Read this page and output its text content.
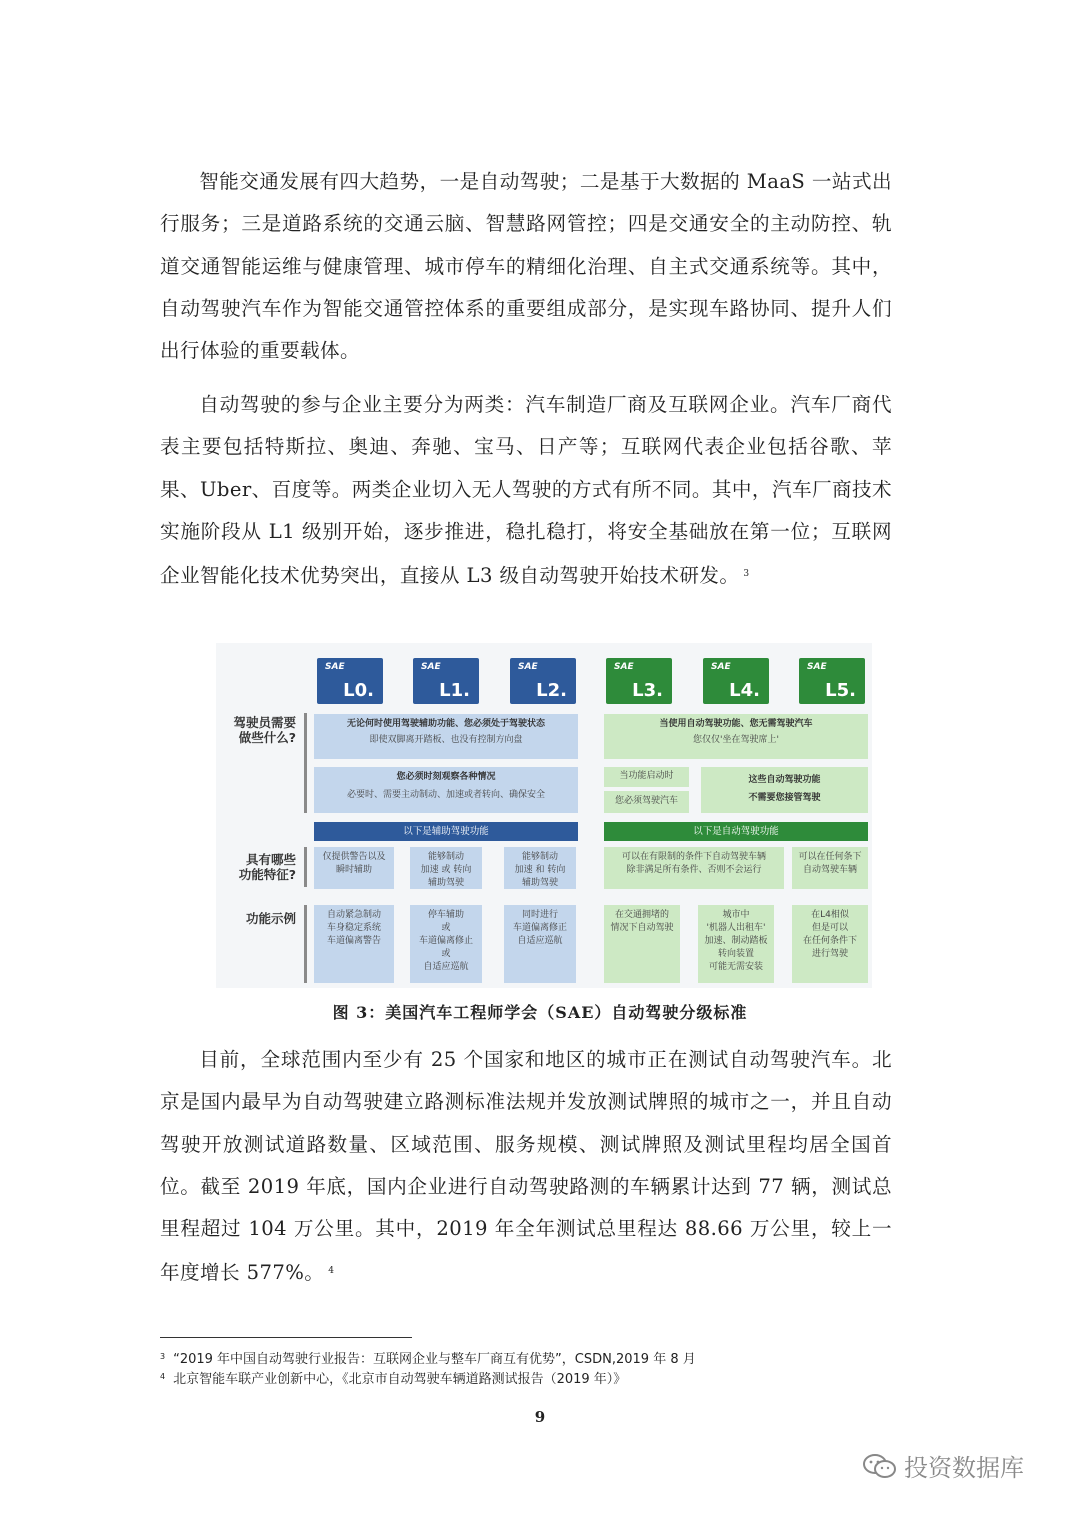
智能交通发展有四大趋势，一是自动驾驶；二是基于大数据的 MaaS 一站式出行服务；三是道路系统的交通云脑、智慧路网管控；四是交通安全的主动防控、轨道交通智能运维与健康管理、城市停车的精细化治理、自主式交通系统等。其中，自动驾驶汽车作为智能交通管控体系的重要组成部分，是实现车路协同、提升人们出行体验的重要载体。

自动驾驶的参与企业主要分为两类：汽车制造厂商及互联网企业。汽车厂商代表主要包括特斯拉、奥迪、奔驰、宝马、日产等；互联网代表企业包括谷歌、苹果、Uber、百度等。两类企业切入无人驾驶的方式有所不同。其中，汽车厂商技术实施阶段从 L1 级别开始，逐步推进，稳扎稳打，将安全基础放在第一位；互联网企业智能化技术优势突出，直接从 L3 级自动驾驶开始技术研发。 $^3$

SAE
L0.
SAE
L1.
SAE
L2.
SAE
L3.
SAE
L4.
SAE
L5.
驾驶员需要
做些什么?
具有哪些
功能特征?
功能示例
无论何时使用驾驶辅助功能、您必须处于驾驶状态
即使双脚离开踏板、也没有控制方向盘
当使用自动驾驶功能、您无需驾驶汽车
您仅仅'坐在驾驶席上'
您必须时刻观察各种情况
必要时、需要主动制动、加速或者转向、确保安全
当功能启动时
您必须驾驶汽车
这些自动驾驶功能
不需要您接管驾驶
以下是辅助驾驶功能	以下是自动驾驶功能
仅提供警告以及
瞬时辅助
能够制动
加速 或 转向
辅助驾驶
能够制动
加速 和 转向
辅助驾驶
可以在有限制的条件下自动驾驶车辆
除非满足所有条件、否则不会运行
可以在任何条下
自动驾驶车辆
自动紧急制动
车身稳定系统
车道偏离警告
停车辅助
或
车道偏离修止
或
自适应巡航
同时进行
车道偏离修正
自适应巡航
在交通拥堵的
情况下自动驾驶
城市中
'机器人出租车'
加速、制动踏板
转向装置
可能无需安装
在L4相似
但是可以
在任何条件下
进行驾驶
图 3：美国汽车工程师学会（SAE）自动驾驶分级标准

目前，全球范围内至少有 25 个国家和地区的城市正在测试自动驾驶汽车。北京是国内最早为自动驾驶建立路测标准法规并发放测试牌照的城市之一，并且自动驾驶开放测试道路数量、区域范围、服务规模、测试牌照及测试里程均居全国首位。截至 2019 年底，国内企业进行自动驾驶路测的车辆累计达到 77 辆，测试总里程超过 104 万公里。其中，2019 年全年测试总里程达 88.66 万公里，较上一年度增长 577%。 $^4$

$^3$ “2019 年中国自动驾驶行业报告：互联网企业与整车厂商互有优势”，CSDN,2019 年 8 月
$^4$ 北京智能车联产业创新中心，《北京市自动驾驶车辆道路测试报告（2019 年）》
9
投资数据库
